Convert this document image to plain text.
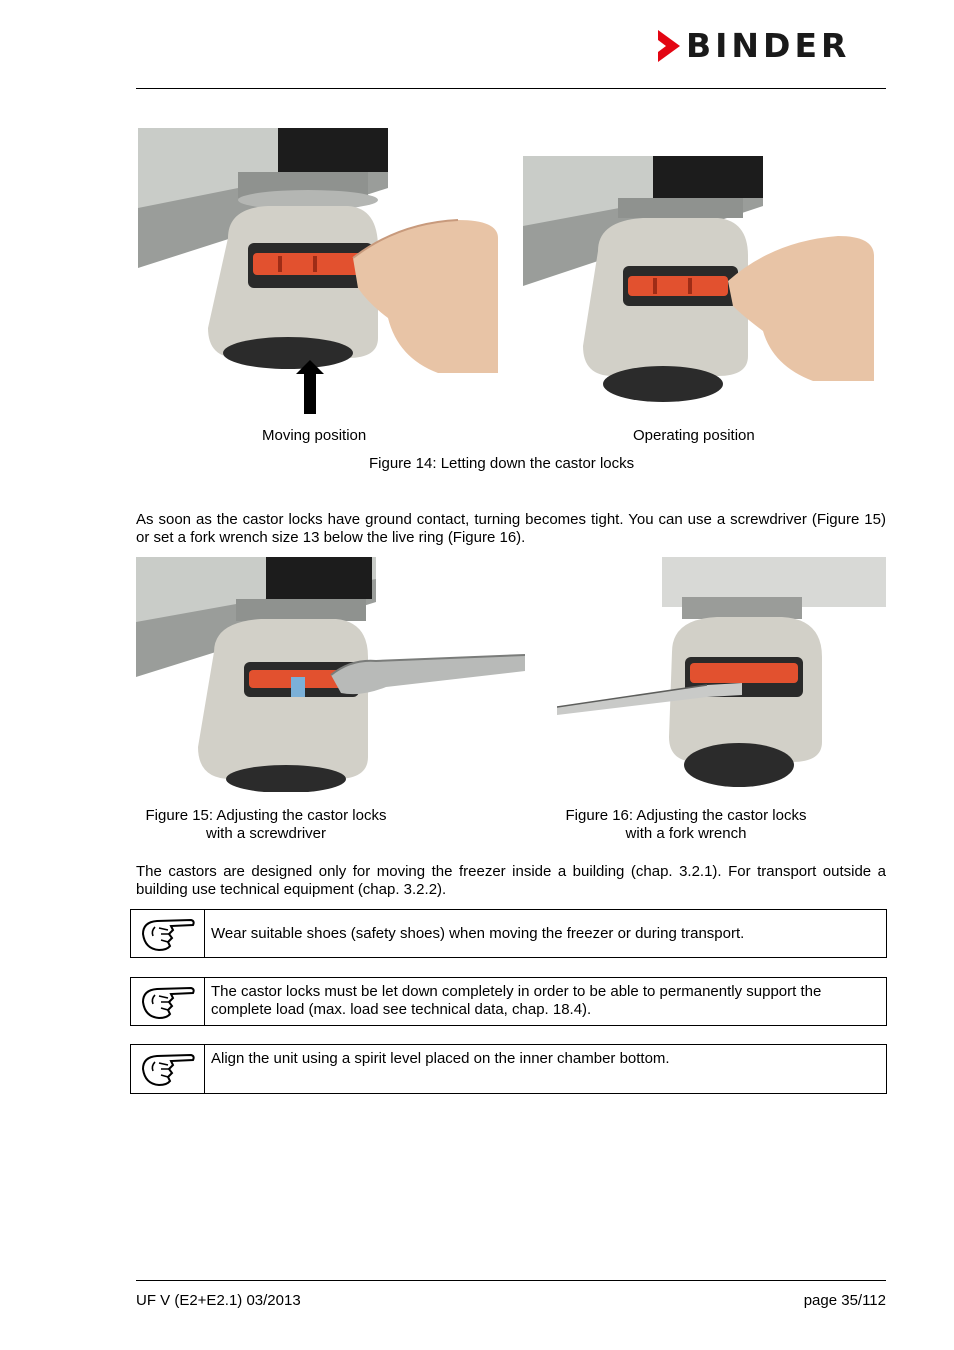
BINDER
Moving position	Operating position
Figure 14: Letting down the castor locks

As soon as the castor locks have ground contact, turning becomes tight. You can use a screwdriver (Figure 15) or set a fork wrench size 13 below the live ring (Figure 16).

Figure 15: Adjusting the castor locks
with a screwdriver
Figure 16: Adjusting the castor locks
with a fork wrench

The castors are designed only for moving the freezer inside a building (chap. 3.2.1). For transport outside a building use technical equipment (chap. 3.2.2).

Wear suitable shoes (safety shoes) when moving the freezer or during transport.
The castor locks must be let down completely in order to be able to permanently support the complete load (max. load see technical data, chap. 18.4).
Align the unit using a spirit level placed on the inner chamber bottom.
UF V (E2+E2.1) 03/2013	page 35/112
